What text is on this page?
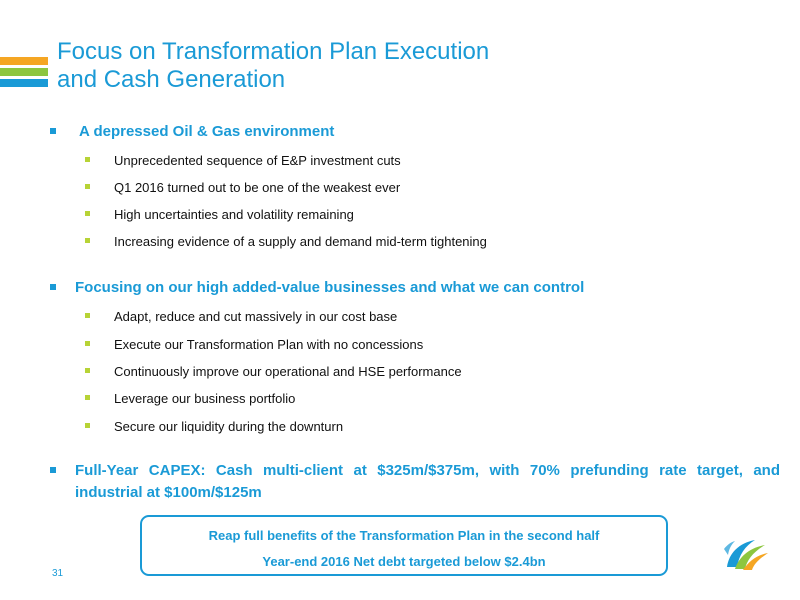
Focus on Transformation Plan Execution
and Cash Generation
A depressed Oil & Gas environment
Unprecedented sequence of E&P investment cuts
Q1 2016 turned out to be one of the weakest ever
High uncertainties and volatility remaining
Increasing evidence of a supply and demand mid-term tightening
Focusing on our high added-value businesses and what we can control
Adapt, reduce and cut massively in our cost base
Execute our Transformation Plan with no concessions
Continuously improve our operational and HSE performance
Leverage our business portfolio
Secure our liquidity during the downturn
Full-Year CAPEX: Cash multi-client at $325m/$375m, with 70% prefunding rate target, and industrial at $100m/$125m
Reap full benefits of the Transformation Plan in the second half
Year-end 2016 Net debt targeted below $2.4bn
31
